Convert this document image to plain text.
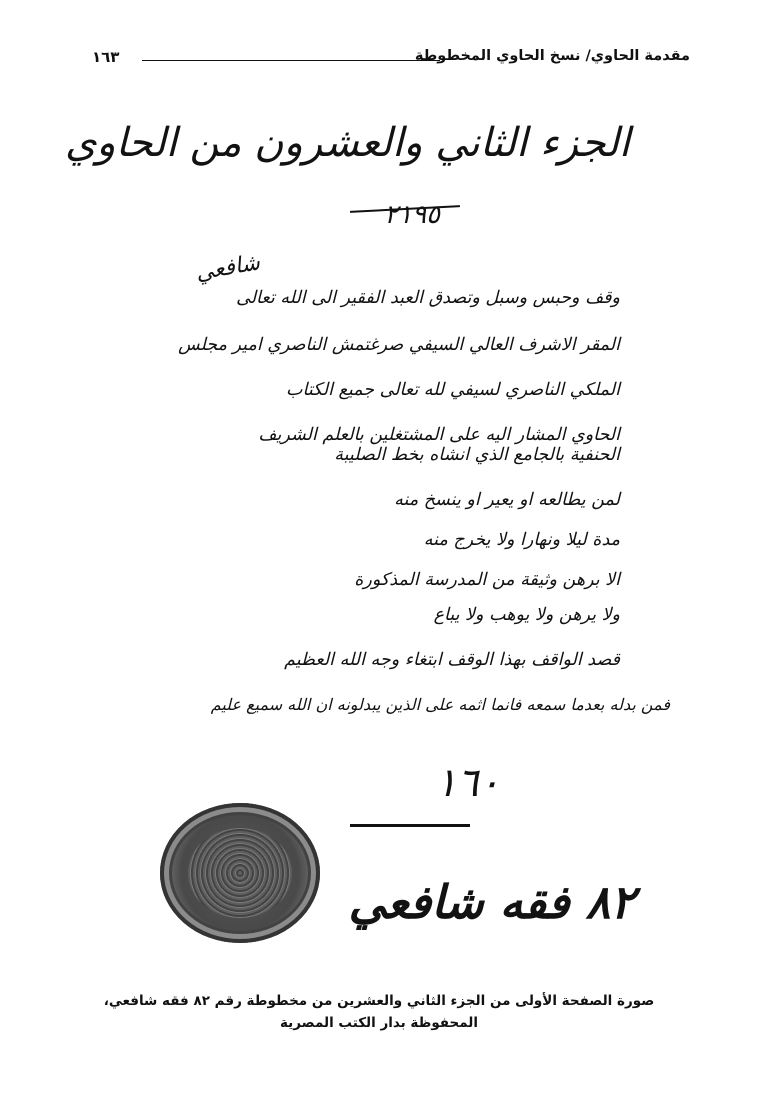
مقدمة الحاوي/ نسخ الحاوي المخطوطة
١٦٣
الجزء الثاني والعشرون من الحاوي
٢١٩٥
شافعي
وقف وحبس وسبل وتصدق العبد الفقير الى الله تعالى
المقر الاشرف العالي السيفي صرغتمش الناصري امير مجلس
الملكي الناصري لسيفي لله تعالى جميع الكتاب
الحاوي المشار اليه على المشتغلين بالعلم الشريف
الحنفية بالجامع الذي انشاه بخط الصليبة
لمن يطالعه او يعير او ينسخ منه
مدة ليلا ونهارا ولا يخرج منه
الا برهن وثيقة من المدرسة المذكورة
ولا يرهن ولا يوهب ولا يباع
قصد الواقف بهذا الوقف ابتغاء وجه الله العظيم
فمن بدله بعدما سمعه فانما اثمه على الذين يبدلونه ان الله سميع عليم
١٦٠
٨٢ فقه شافعي
صورة الصفحة الأولى من الجزء الثاني والعشرين من مخطوطة رقم ٨٢ فقه شافعي،
المحفوظة بدار الكتب المصرية
